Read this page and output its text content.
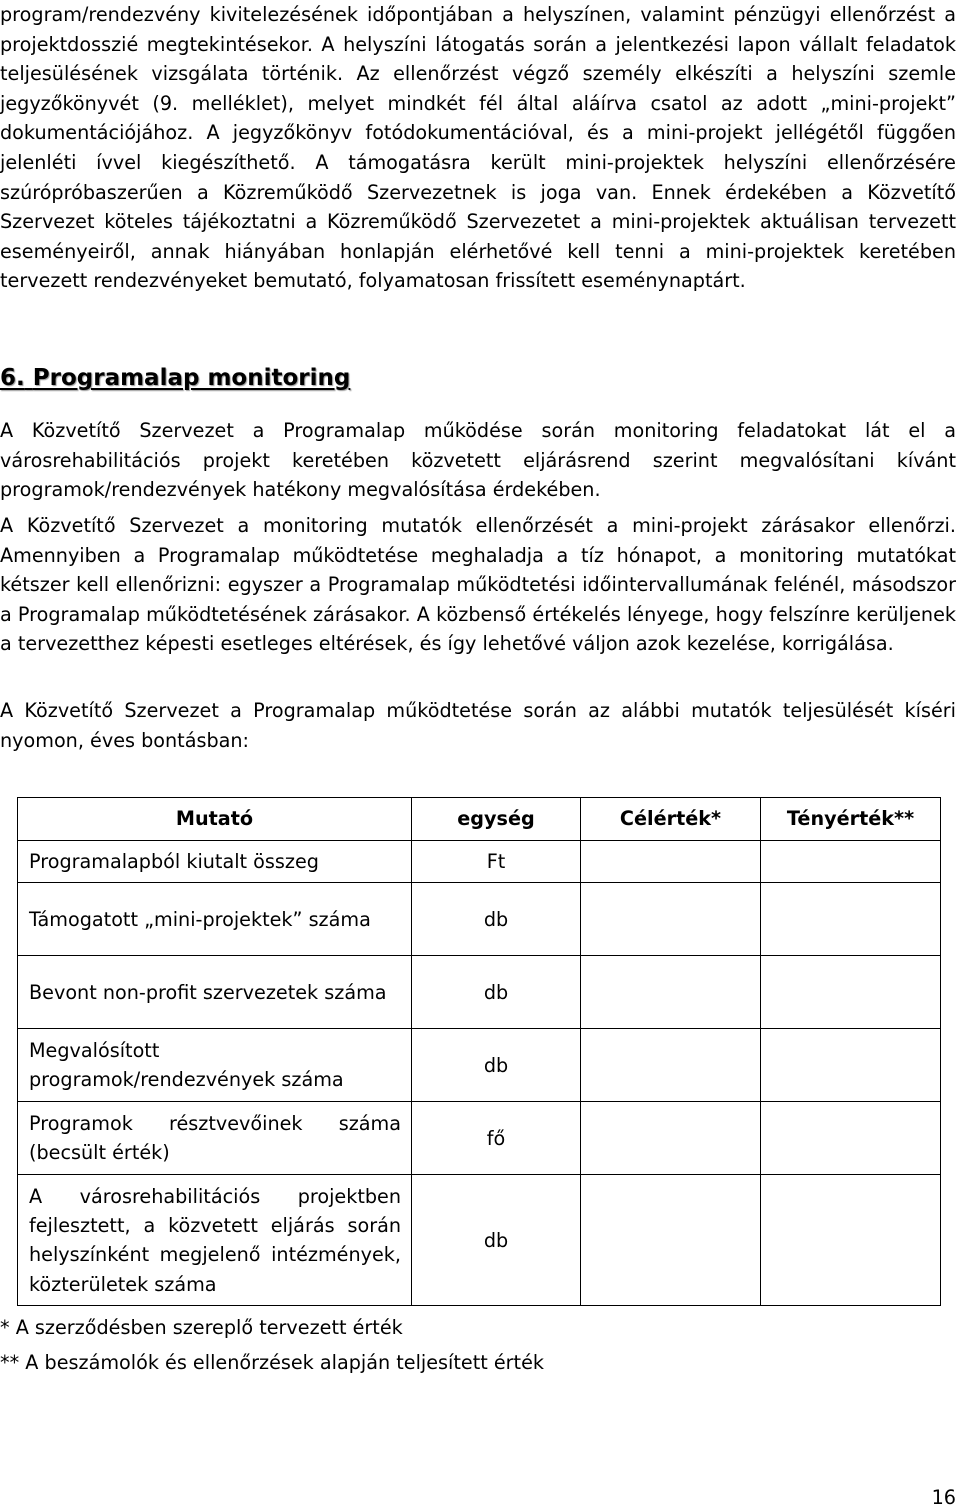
program/rendezvény kivitelezésének időpontjában a helyszínen, valamint pénzügyi ellenőrzést a projektdosszié megtekintésekor. A helyszíni látogatás során a jelentkezési lapon vállalt feladatok teljesülésének vizsgálata történik. Az ellenőrzést végző személy elkészíti a helyszíni szemle jegyzőkönyvét (9. melléklet), melyet mindkét fél által aláírva csatol az adott „mini-projekt” dokumentációjához. A jegyzőkönyv fotódokumentációval, és a mini-projekt jellégétől függően jelenléti ívvel kiegészíthető. A támogatásra került mini-projektek helyszíni ellenőrzésére szúrópróbaszerűen a Közreműködő Szervezetnek is joga van. Ennek érdekében a Közvetítő Szervezet köteles tájékoztatni a Közreműködő Szervezetet a mini-projektek aktuálisan tervezett eseményeiről, annak hiányában honlapján elérhetővé kell tenni a mini-projektek keretében tervezett rendezvényeket bemutató, folyamatosan frissített eseménynaptárt.

6. Programalap monitoring

A Közvetítő Szervezet a Programalap működése során monitoring feladatokat lát el a városrehabilitációs projekt keretében közvetett eljárásrend szerint megvalósítani kívánt programok/rendezvények hatékony megvalósítása érdekében.

A Közvetítő Szervezet a monitoring mutatók ellenőrzését a mini-projekt zárásakor ellenőrzi. Amennyiben a Programalap működtetése meghaladja a tíz hónapot, a monitoring mutatókat kétszer kell ellenőrizni: egyszer a Programalap működtetési időintervallumának felénél, másodszor a Programalap működtetésének zárásakor. A közbenső értékelés lényege, hogy felszínre kerüljenek a tervezetthez képesti esetleges eltérések, és így lehetővé váljon azok kezelése, korrigálása.

A Közvetítő Szervezet a Programalap működtetése során az alábbi mutatók teljesülését kíséri nyomon, éves bontásban:

Mutató	egység	Célérték*	Tényérték**
Programalapból kiutalt összeg	Ft		

Támogatott „mini-projektek” száma	db		

Bevont non-profit szervezetek száma	db		

Megvalósított programok/rendezvények száma	db		

Programok résztvevőinek száma (becsült érték)	fő		

A városrehabilitációs projektben fejlesztett, a közvetett eljárás során helyszínként megjelenő intézmények, közterületek száma	db		

* A szerződésben szereplő tervezett érték

** A beszámolók és ellenőrzések alapján teljesített érték

16
